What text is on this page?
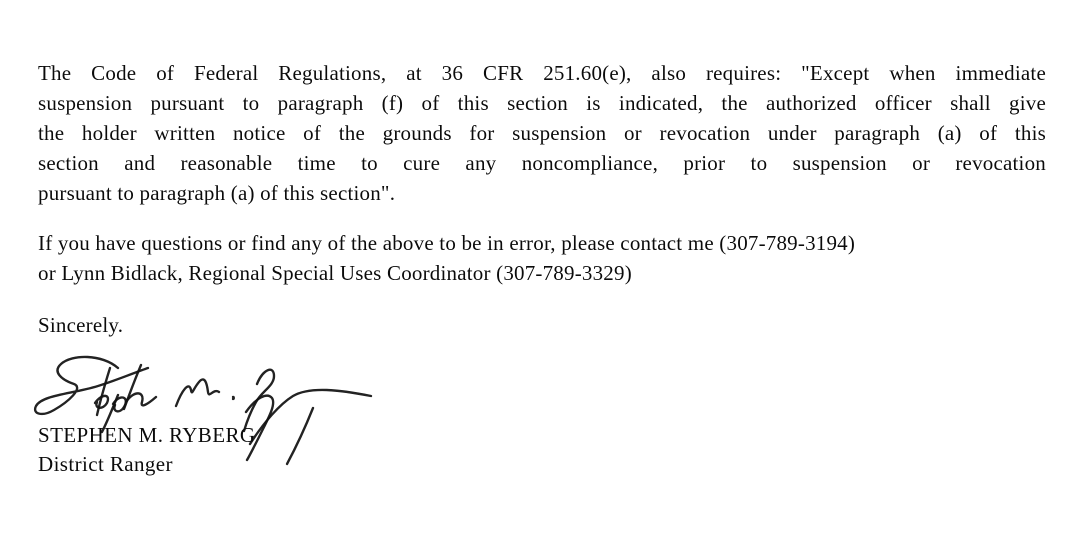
The Code of Federal Regulations, at 36 CFR 251.60(e), also requires: "Except when immediate
suspension pursuant to paragraph (f) of this section is indicated, the authorized officer shall give
the holder written notice of the grounds for suspension or revocation under paragraph (a) of this
section and reasonable time to cure any noncompliance, prior to suspension or revocation
pursuant to paragraph (a) of this section".
If you have questions or find any of the above to be in error, please contact me (307-789-3194)
or Lynn Bidlack, Regional Special Uses Coordinator (307-789-3329)
Sincerely.
STEPHEN M. RYBERG
District Ranger
